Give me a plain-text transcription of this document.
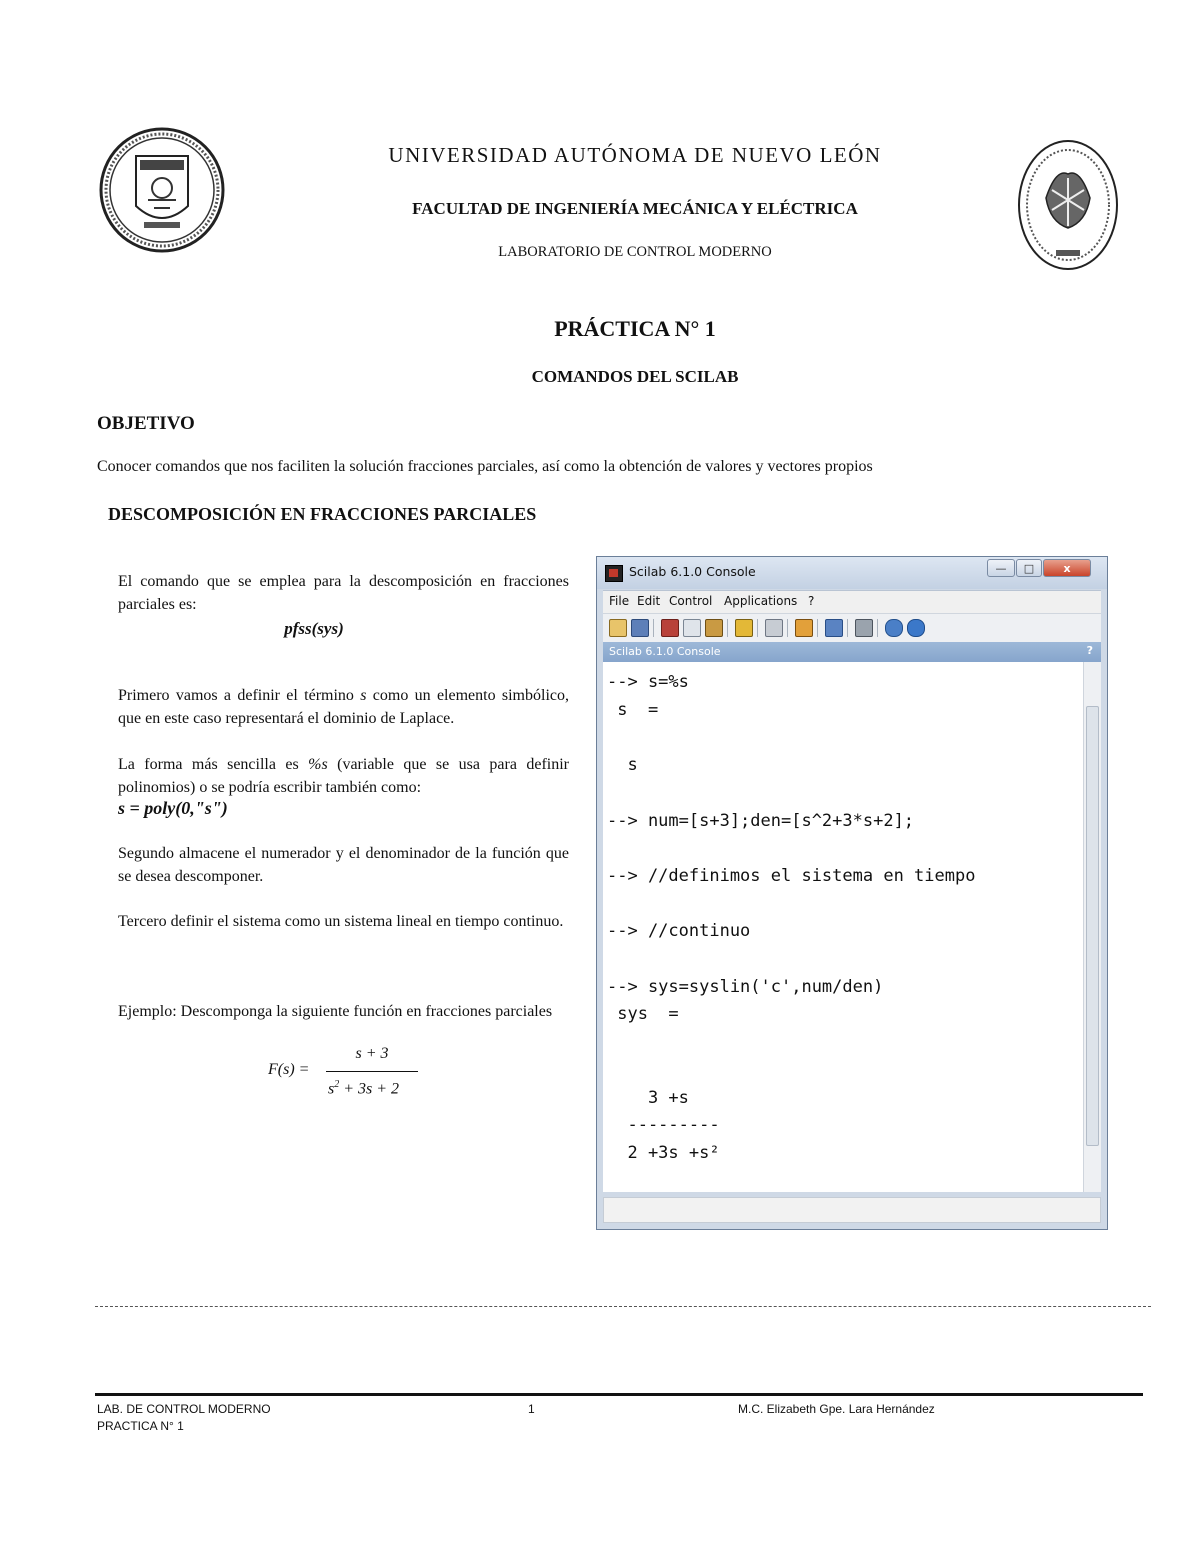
UNIVERSIDAD AUTÓNOMA DE NUEVO LEÓN
FACULTAD DE INGENIERÍA MECÁNICA Y ELÉCTRICA
LABORATORIO DE CONTROL MODERNO
PRÁCTICA N° 1
COMANDOS DEL SCILAB
OBJETIVO
Conocer comandos que nos faciliten la solución fracciones parciales, así como la obtención de valores y vectores propios
DESCOMPOSICIÓN EN FRACCIONES PARCIALES
El comando que se emplea para la descomposición en fracciones parciales es:
pfss(sys)
Primero vamos a definir el término s como un elemento simbólico, que en este caso representará el dominio de Laplace.
La forma más sencilla es %s (variable que se usa para definir polinomios) o se podría escribir también como:
s = poly(0,"s")
Segundo almacene el numerador y el denominador de la función que se desea descomponer.
Tercero definir el sistema como un sistema lineal en tiempo continuo.
Ejemplo: Descomponga la siguiente función en fracciones parciales
F(s) =
s + 3
$s^2 + 3s + 2$
Scilab 6.1.0 Console	—	□	x
File Edit Control Applications ?
Scilab 6.1.0 Console	?
--> s=%s
s  =
s
--> num=[s+3];den=[s^2+3*s+2];
--> //definimos el sistema en tiempo
--> //continuo
--> sys=syslin('c',num/den)
sys  =
3 +s
---------
2 +3s +s²
LAB. DE CONTROL MODERNO
PRACTICA N° 1
1	M.C. Elizabeth Gpe. Lara Hernández
